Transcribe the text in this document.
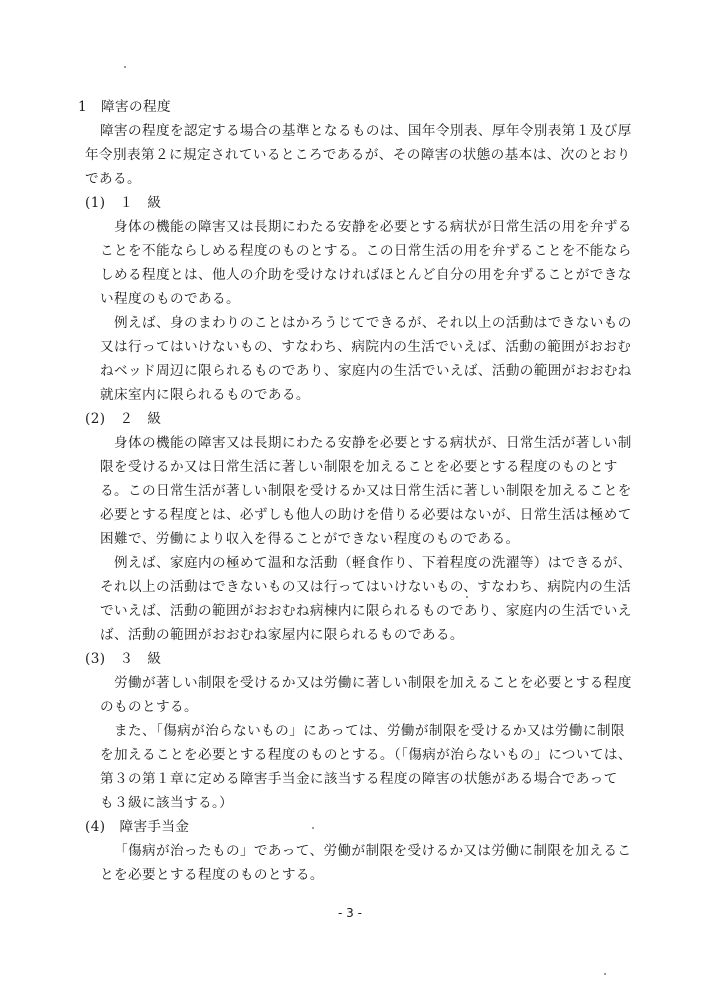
1　障害の程度
障害の程度を認定する場合の基準となるものは、国年令別表、厚年令別表第１及び厚
年令別表第２に規定されているところであるが、その障害の状態の基本は、次のとおり
である。
(1)　１　級
身体の機能の障害又は長期にわたる安静を必要とする病状が日常生活の用を弁ずる
ことを不能ならしめる程度のものとする。この日常生活の用を弁ずることを不能なら
しめる程度とは、他人の介助を受けなければほとんど自分の用を弁ずることができな
い程度のものである。
例えば、身のまわりのことはかろうじてできるが、それ以上の活動はできないもの
又は行ってはいけないもの、すなわち、病院内の生活でいえば、活動の範囲がおおむ
ねベッド周辺に限られるものであり、家庭内の生活でいえば、活動の範囲がおおむね
就床室内に限られるものである。
(2)　２　級
身体の機能の障害又は長期にわたる安静を必要とする病状が、日常生活が著しい制
限を受けるか又は日常生活に著しい制限を加えることを必要とする程度のものとす
る。この日常生活が著しい制限を受けるか又は日常生活に著しい制限を加えることを
必要とする程度とは、必ずしも他人の助けを借りる必要はないが、日常生活は極めて
困難で、労働により収入を得ることができない程度のものである。
例えば、家庭内の極めて温和な活動（軽食作り、下着程度の洗濯等）はできるが、
それ以上の活動はできないもの又は行ってはいけないもの、すなわち、病院内の生活
でいえば、活動の範囲がおおむね病棟内に限られるものであり、家庭内の生活でいえ
ば、活動の範囲がおおむね家屋内に限られるものである。
(3)　３　級
労働が著しい制限を受けるか又は労働に著しい制限を加えることを必要とする程度
のものとする。
また、「傷病が治らないもの」にあっては、労働が制限を受けるか又は労働に制限
を加えることを必要とする程度のものとする。（「傷病が治らないもの」については、
第３の第１章に定める障害手当金に該当する程度の障害の状態がある場合であって
も３級に該当する。）
(4)　障害手当金
「傷病が治ったもの」であって、労働が制限を受けるか又は労働に制限を加えるこ
とを必要とする程度のものとする。
- 3 -
